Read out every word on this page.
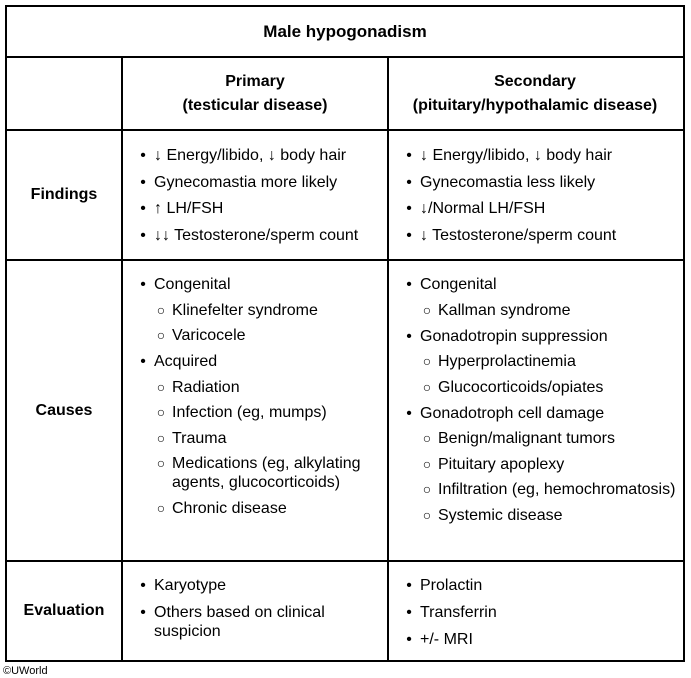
Male hypogonadism
Primary
(testicular disease)
Secondary
(pituitary/hypothalamic disease)
Findings
Causes
Evaluation
• ↓ Energy/libido, ↓ body hair
• Gynecomastia more likely
• ↑ LH/FSH
• ↓↓ Testosterone/sperm count
• ↓ Energy/libido, ↓ body hair
• Gynecomastia less likely
• ↓/Normal LH/FSH
• ↓ Testosterone/sperm count
• Congenital
○ Klinefelter syndrome
○ Varicocele
• Acquired
○ Radiation
○ Infection (eg, mumps)
○ Trauma
○ Medications (eg, alkylating agents, glucocorticoids)
○ Chronic disease
• Congenital
○ Kallman syndrome
• Gonadotropin suppression
○ Hyperprolactinemia
○ Glucocorticoids/opiates
• Gonadotroph cell damage
○ Benign/malignant tumors
○ Pituitary apoplexy
○ Infiltration (eg, hemochromatosis)
○ Systemic disease
• Karyotype
• Others based on clinical suspicion
• Prolactin
• Transferrin
• +/- MRI
©UWorld
